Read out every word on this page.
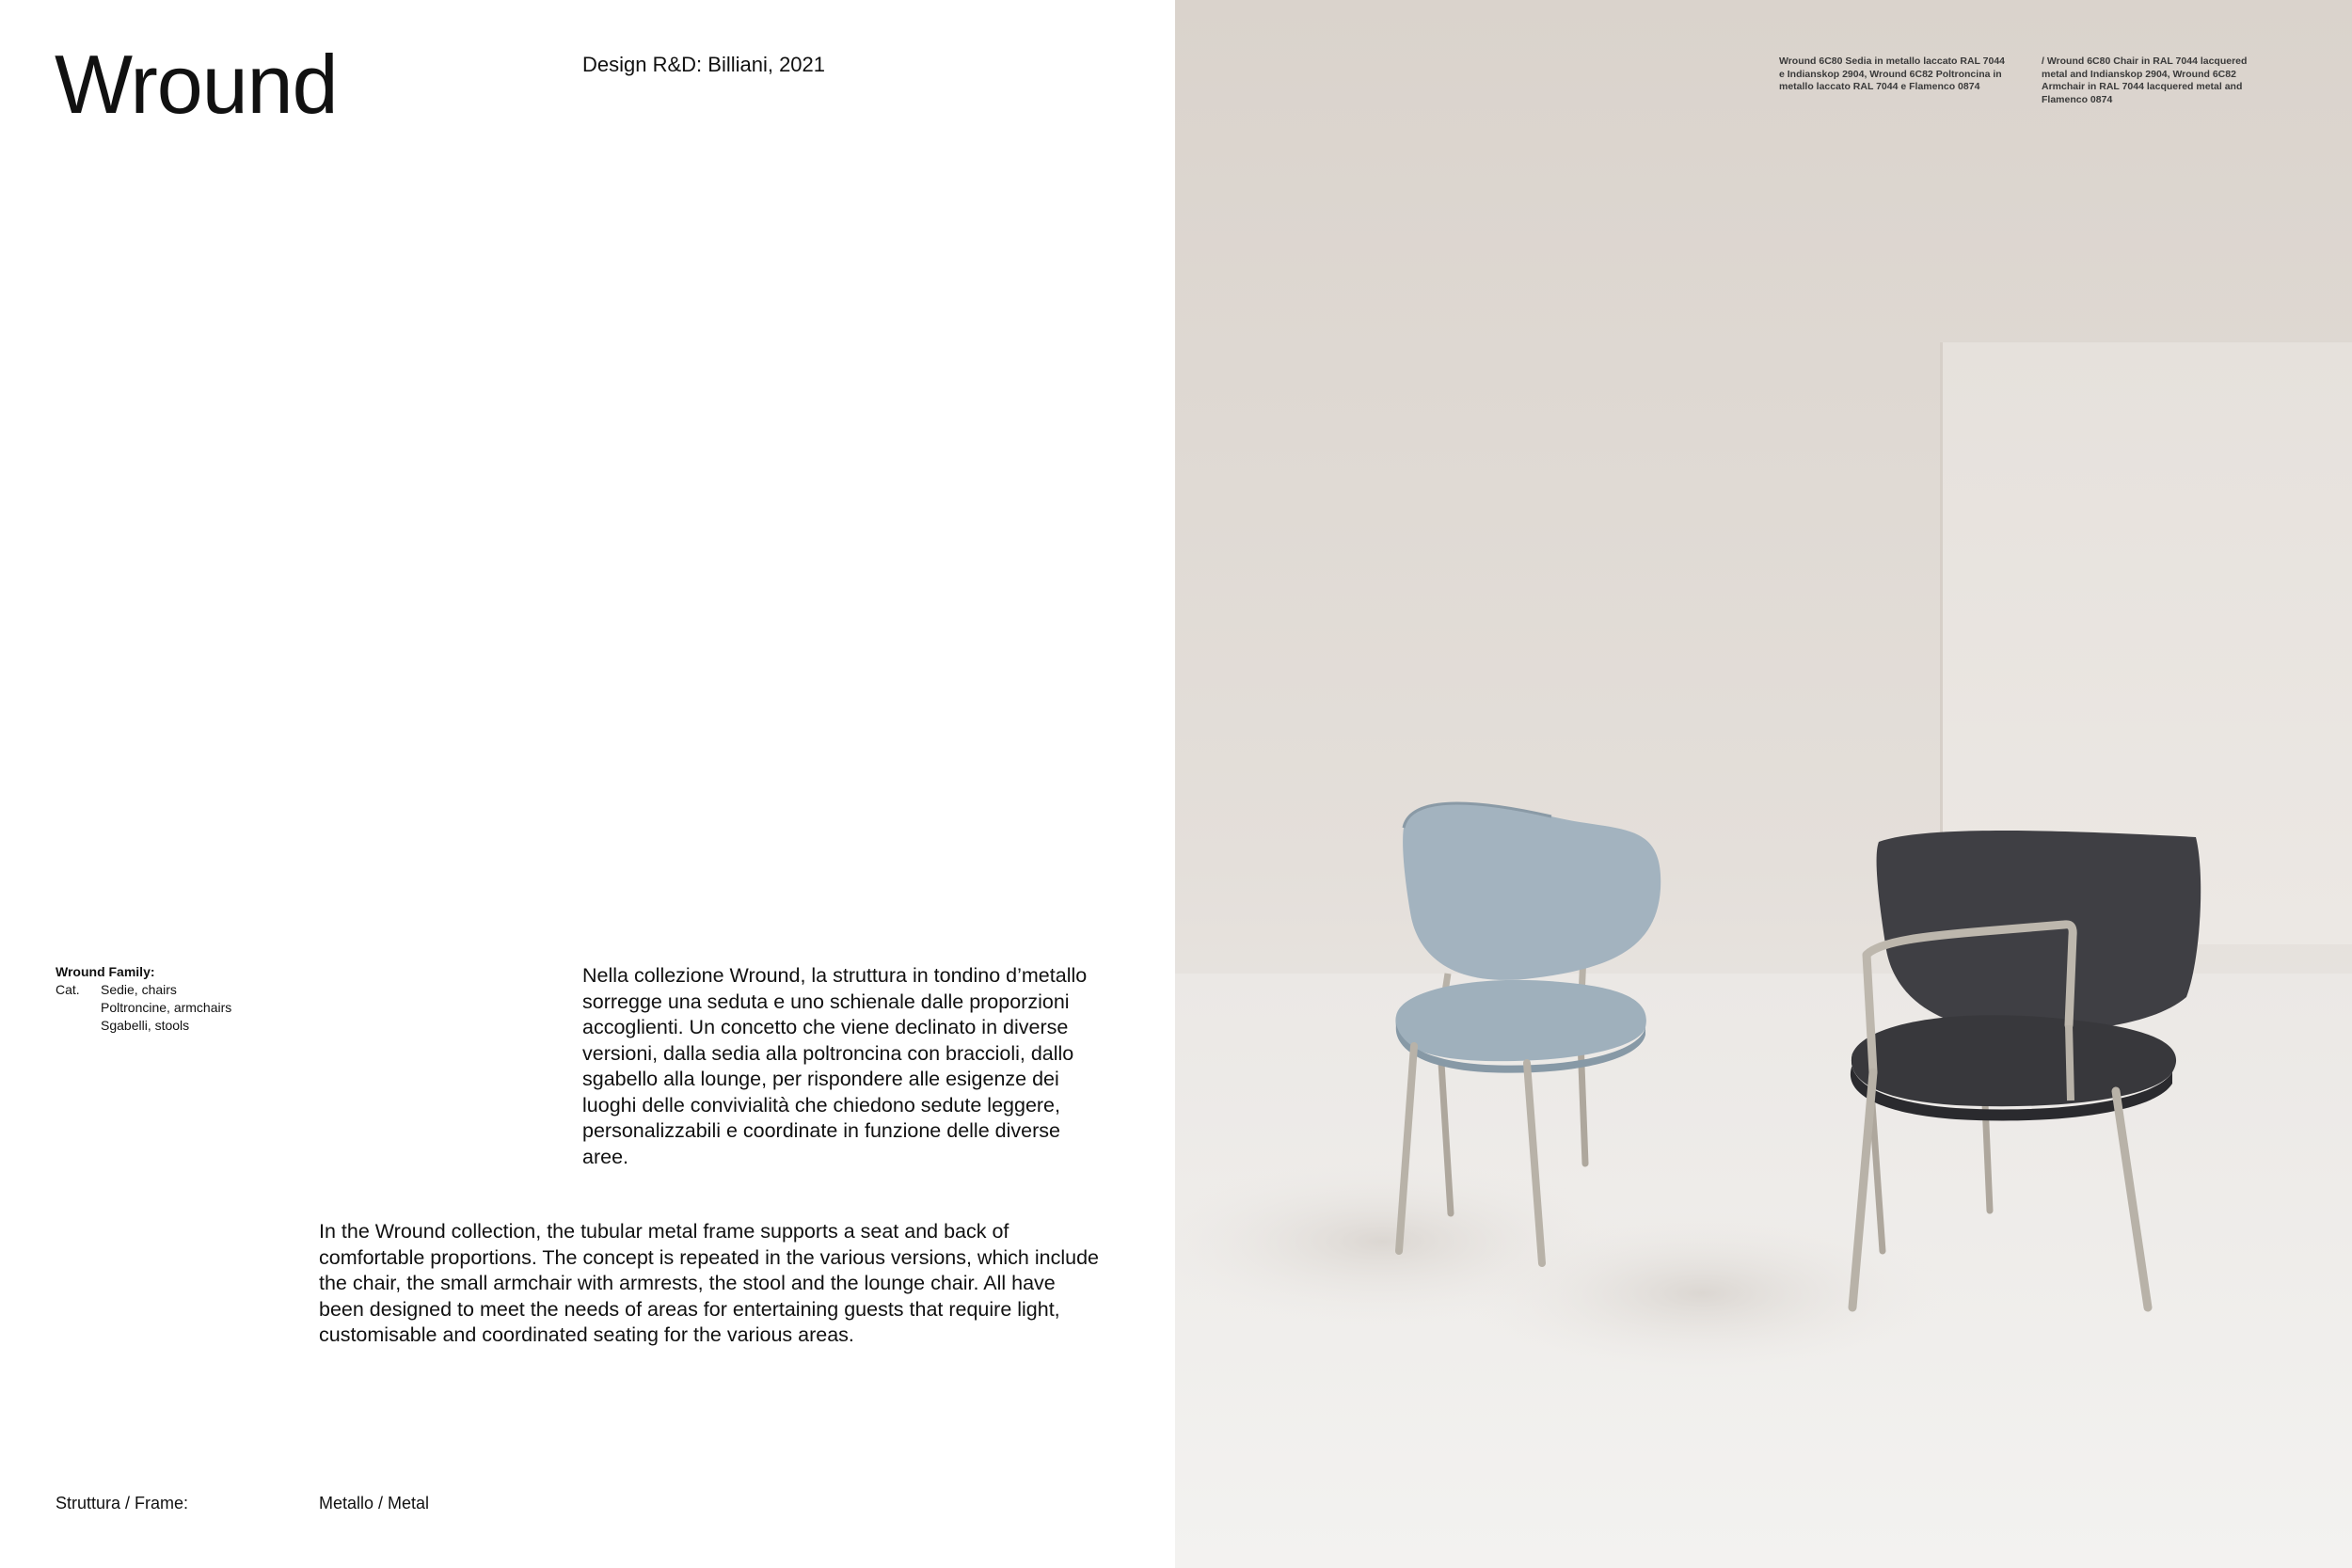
Wround	Design R&D: Billiani, 2021
Wround Family:
Cat.	Sedie, chairs
Poltroncine, armchairs
Sgabelli, stools
Nella collezione Wround, la struttura in tondino d’metallo sorregge una seduta e uno schienale dalle proporzioni accoglienti. Un concetto che viene declinato in diverse versioni, dalla sedia alla poltroncina con braccioli, dallo sgabello alla lounge, per rispondere alle esigenze dei luoghi delle convivialità che chiedono sedute leggere, personalizzabili e coordinate in funzione delle diverse aree.
In the Wround collection, the tubular metal frame supports a seat and back of comfortable proportions. The concept is repeated in the various versions, which include the chair, the small armchair with armrests, the stool and the lounge chair. All have been designed to meet the needs of areas for entertaining guests that require light, customisable and coordinated seating for the various areas.
Struttura / Frame:	Metallo / Metal
Wround 6C80 Sedia in metallo laccato RAL 7044 e Indianskop 2904, Wround 6C82 Poltroncina in metallo laccato RAL 7044 e Flamenco 0874
/ Wround 6C80 Chair in RAL 7044 lacquered metal and Indianskop 2904, Wround 6C82 Armchair in RAL 7044 lacquered metal and Flamenco 0874
